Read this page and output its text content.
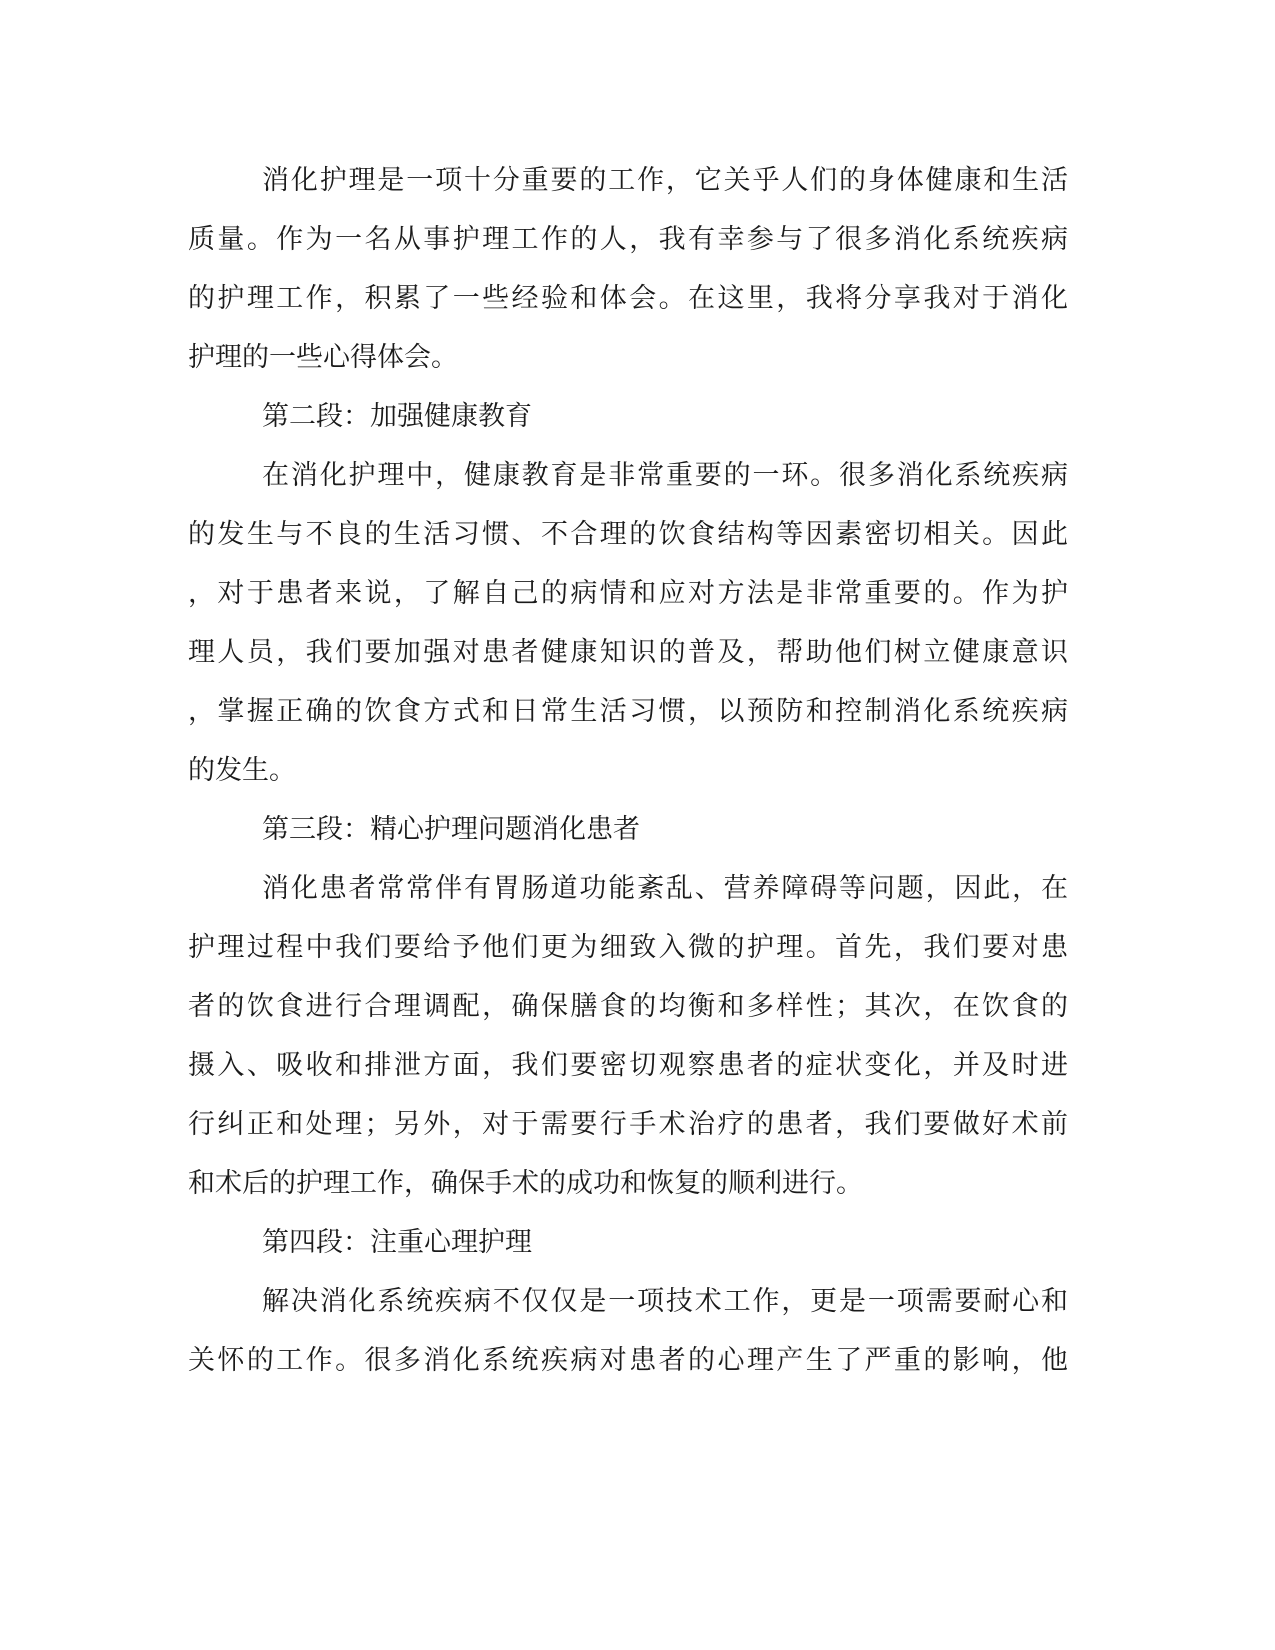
消化护理是一项十分重要的工作，它关乎人们的身体健康和生活
质量。作为一名从事护理工作的人，我有幸参与了很多消化系统疾病
的护理工作，积累了一些经验和体会。在这里，我将分享我对于消化
护理的一些心得体会。
第二段：加强健康教育
在消化护理中，健康教育是非常重要的一环。很多消化系统疾病
的发生与不良的生活习惯、不合理的饮食结构等因素密切相关。因此
，对于患者来说，了解自己的病情和应对方法是非常重要的。作为护
理人员，我们要加强对患者健康知识的普及，帮助他们树立健康意识
，掌握正确的饮食方式和日常生活习惯，以预防和控制消化系统疾病
的发生。
第三段：精心护理问题消化患者
消化患者常常伴有胃肠道功能紊乱、营养障碍等问题，因此，在
护理过程中我们要给予他们更为细致入微的护理。首先，我们要对患
者的饮食进行合理调配，确保膳食的均衡和多样性；其次，在饮食的
摄入、吸收和排泄方面，我们要密切观察患者的症状变化，并及时进
行纠正和处理；另外，对于需要行手术治疗的患者，我们要做好术前
和术后的护理工作，确保手术的成功和恢复的顺利进行。
第四段：注重心理护理
解决消化系统疾病不仅仅是一项技术工作，更是一项需要耐心和
关怀的工作。很多消化系统疾病对患者的心理产生了严重的影响，他
